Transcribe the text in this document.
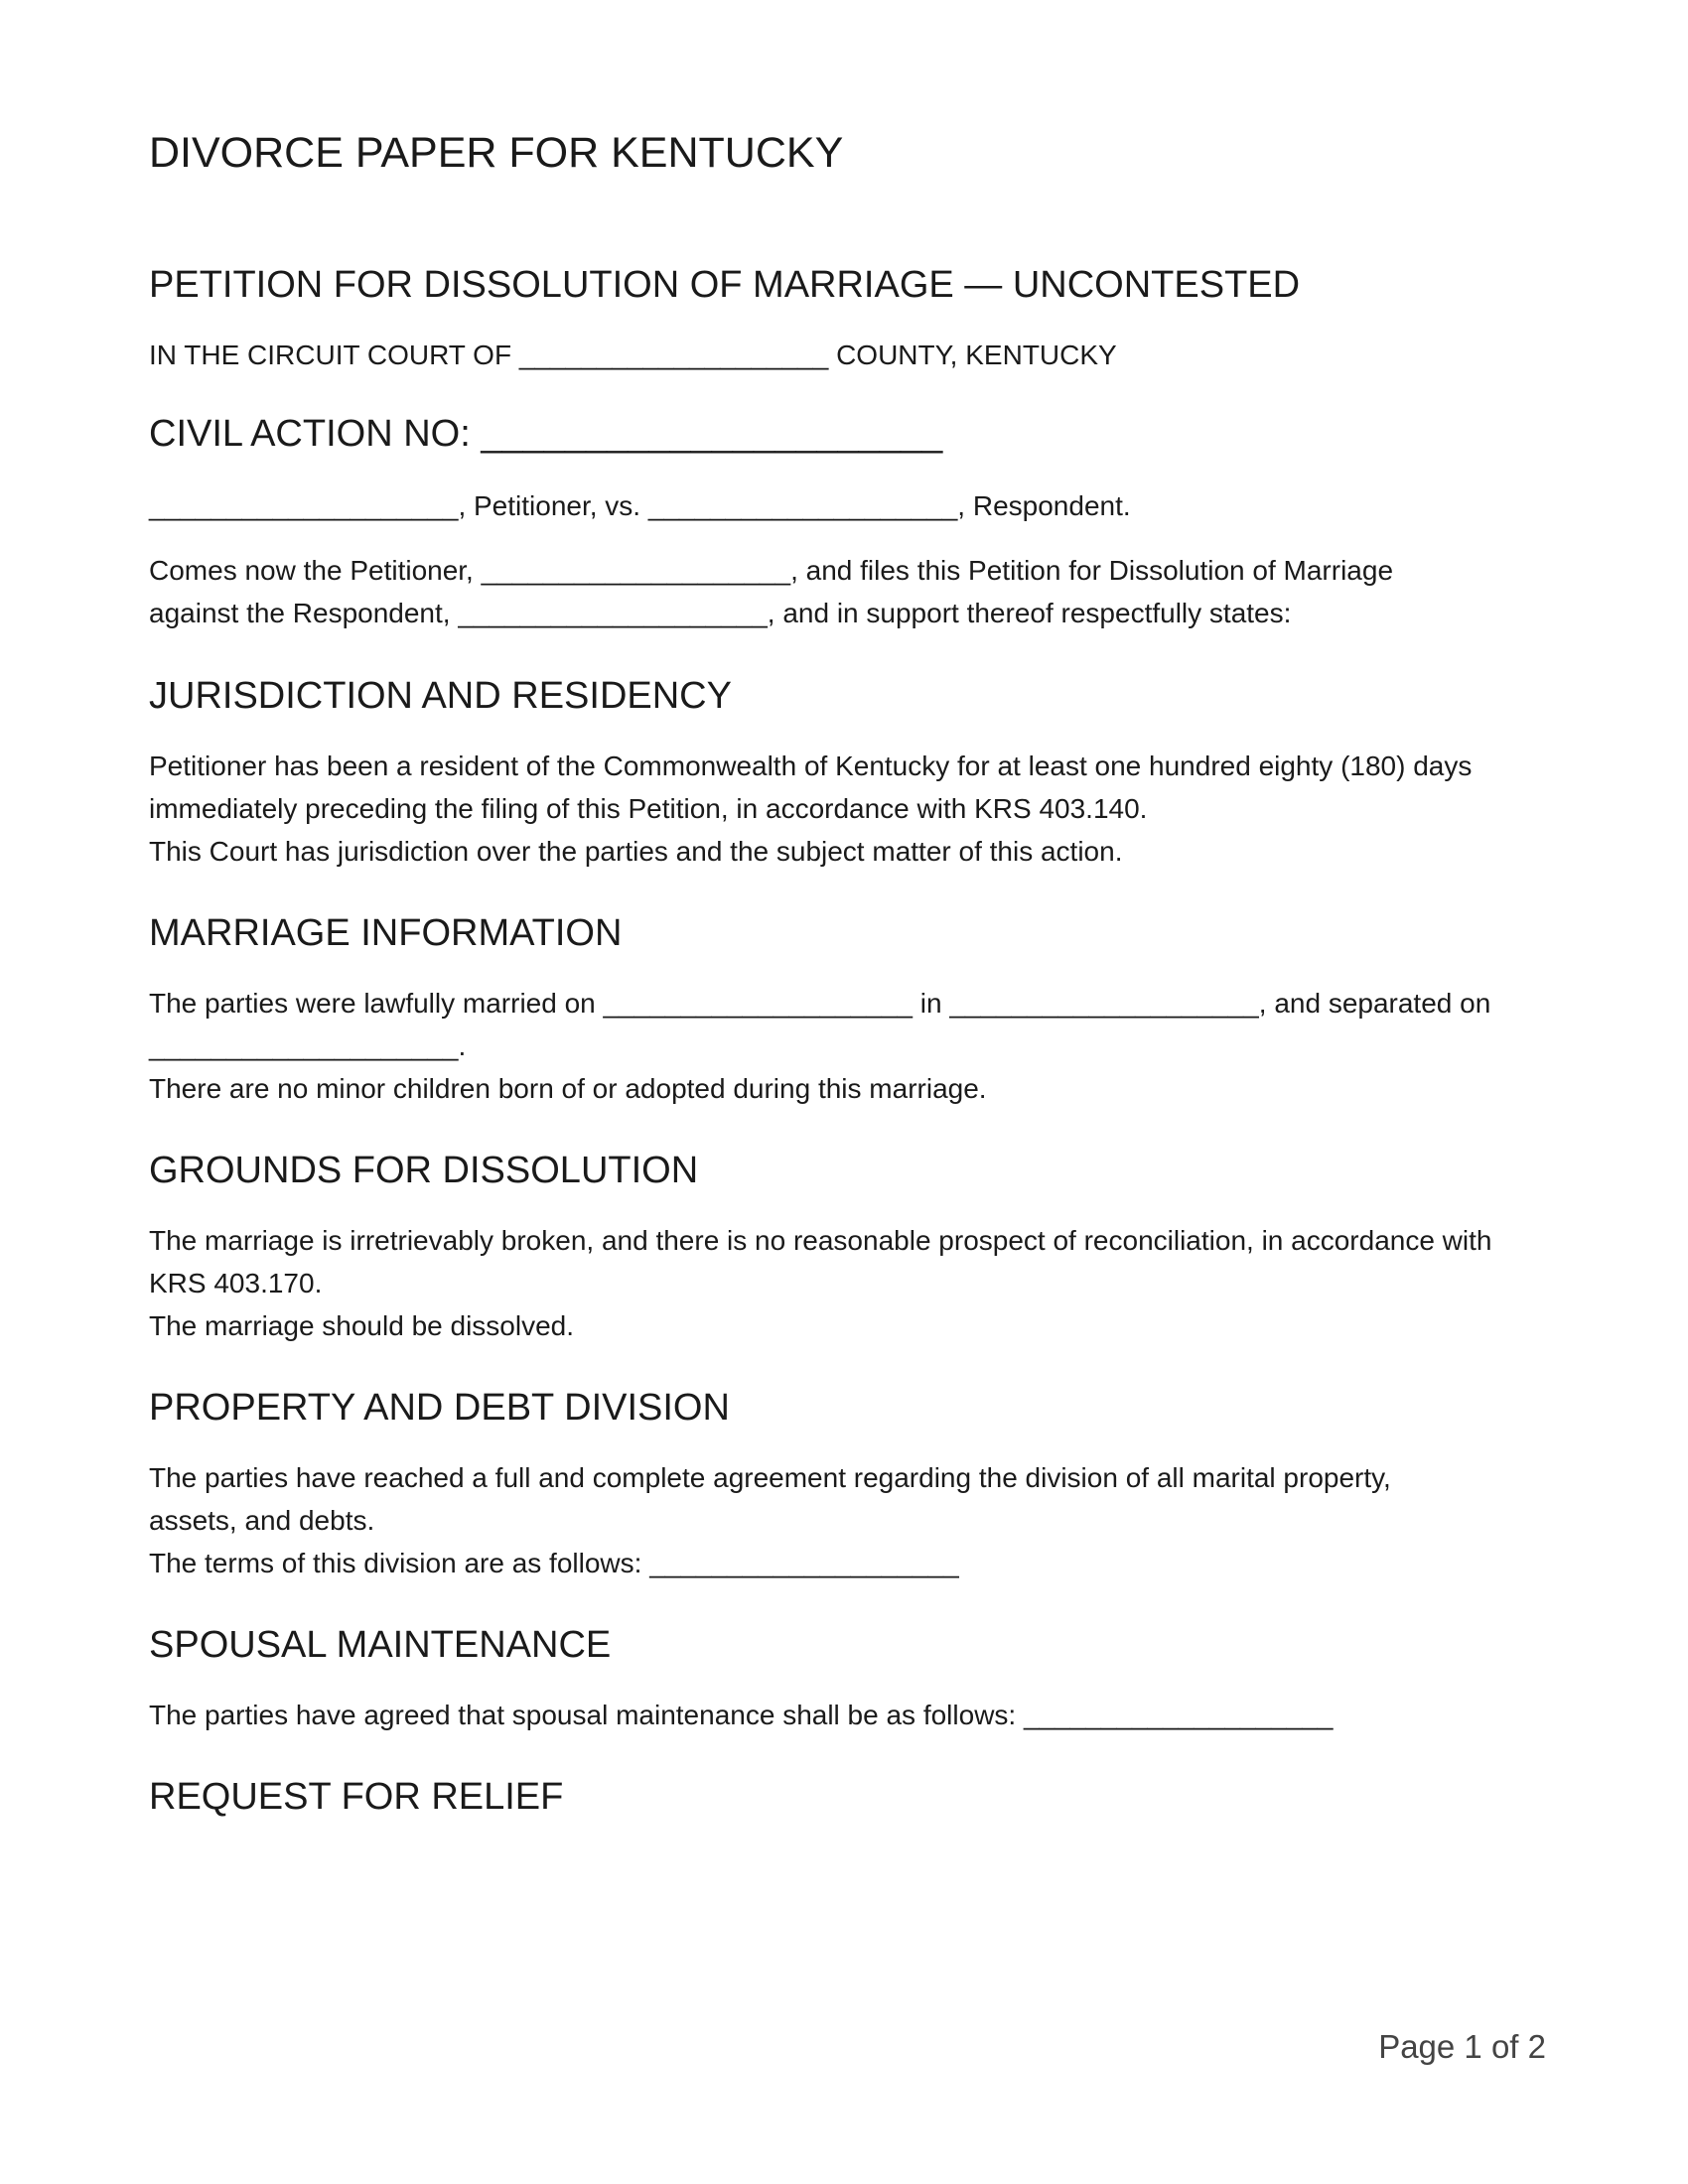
DIVORCE PAPER FOR KENTUCKY
PETITION FOR DISSOLUTION OF MARRIAGE — UNCONTESTED

IN THE CIRCUIT COURT OF ____________________ COUNTY, KENTUCKY

CIVIL ACTION NO: ______________________

____________________, Petitioner, vs. ____________________, Respondent.

Comes now the Petitioner, ____________________, and files this Petition for Dissolution of Marriage against the Respondent, ____________________, and in support thereof respectfully states:

JURISDICTION AND RESIDENCY

Petitioner has been a resident of the Commonwealth of Kentucky for at least one hundred eighty (180) days immediately preceding the filing of this Petition, in accordance with KRS 403.140.

This Court has jurisdiction over the parties and the subject matter of this action.

MARRIAGE INFORMATION

The parties were lawfully married on ____________________ in ____________________, and separated on ____________________.

There are no minor children born of or adopted during this marriage.

GROUNDS FOR DISSOLUTION

The marriage is irretrievably broken, and there is no reasonable prospect of reconciliation, in accordance with KRS 403.170.

The marriage should be dissolved.

PROPERTY AND DEBT DIVISION

The parties have reached a full and complete agreement regarding the division of all marital property, assets, and debts.

The terms of this division are as follows: ____________________

SPOUSAL MAINTENANCE

The parties have agreed that spousal maintenance shall be as follows: ____________________

REQUEST FOR RELIEF
Page 1 of 2
